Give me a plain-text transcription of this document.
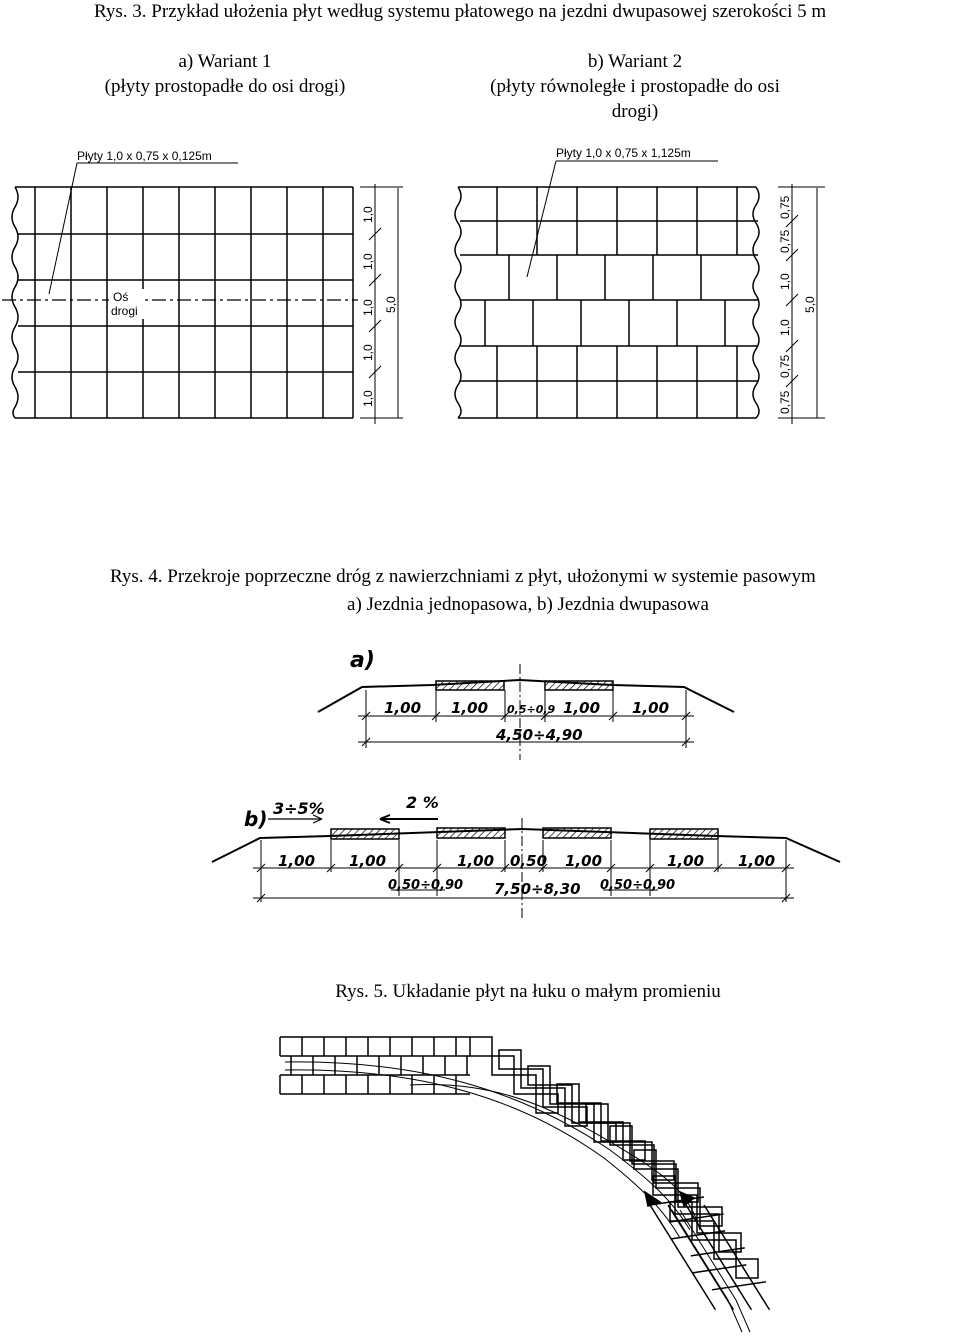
Rys. 3. Przykład ułożenia płyt według systemu płatowego na jezdni dwupasowej szerokości 5 m
a) Wariant 1
(płyty prostopadłe do osi drogi)
b) Wariant 2
(płyty równoległe i prostopadłe do osi
drogi)
Płyty 1,0 x 0,75 x 0,125m
Oś
drogi
1,0
1,0
1,0
1,0
1,0
5,0
Płyty 1,0 x 0,75 x 1,125m
0,75
0,75
1,0
1,0
0,75
0,75
5,0
Rys. 4. Przekroje poprzeczne dróg z nawierzchniami z płyt, ułożonymi w systemie pasowym
a) Jezdnia jednopasowa, b) Jezdnia dwupasowa
a)
1,00 1,00 0,5÷0,9 1,00 1,00
4,50÷4,90
b) 3÷5%	2 %
1,00 1,00	1,00 0,50 1,00	1,00 1,00
0,50÷0,90 7,50÷8,30 0,50÷0,90
Rys. 5. Układanie płyt na łuku o małym promieniu
